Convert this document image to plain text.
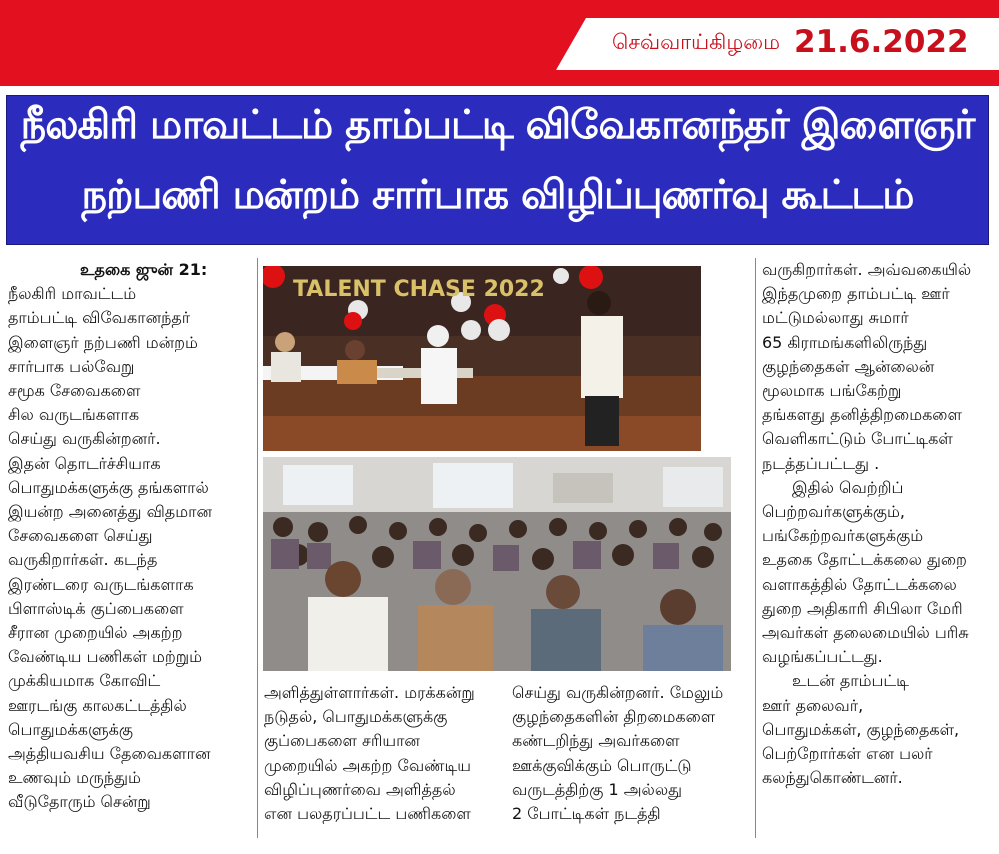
செவ்வாய்கிழமை 21.6.2022
நீலகிரி மாவட்டம் தாம்பட்டி விவேகானந்தர் இளைஞர்
நற்பணி மன்றம் சார்பாக விழிப்புணர்வு கூட்டம்
உதகை ஜுன் 21:
நீலகிரி மாவட்டம்
தாம்பட்டி விவேகானந்தர்
இளைஞர் நற்பணி மன்றம்
சார்பாக பல்வேறு
சமூக சேவைகளை
சில வருடங்களாக
செய்து வருகின்றனர்.
இதன் தொடர்ச்சியாக
பொதுமக்களுக்கு தங்களால்
இயன்ற அனைத்து விதமான
சேவைகளை செய்து
வருகிறார்கள். கடந்த
இரண்டரை வருடங்களாக
பிளாஸ்டிக் குப்பைகளை
சீரான முறையில் அகற்ற
வேண்டிய பணிகள் மற்றும்
முக்கியமாக கோவிட்
ஊரடங்கு காலகட்டத்தில்
பொதுமக்களுக்கு
அத்தியவசிய தேவைகளான
உணவும் மருந்தும்
வீடுதோரும் சென்று
TALENT CHASE 2022
அளித்துள்ளார்கள். மரக்கன்று
நடுதல், பொதுமக்களுக்கு
குப்பைகளை சரியான
முறையில் அகற்ற வேண்டிய
விழிப்புணர்வை அளித்தல்
என பலதரப்பட்ட பணிகளை
செய்து வருகின்றனர். மேலும்
குழந்தைகளின் திறமைகளை
கண்டறிந்து அவர்களை
ஊக்குவிக்கும் பொருட்டு
வருடத்திற்கு 1 அல்லது
2 போட்டிகள் நடத்தி
வருகிறார்கள். அவ்வகையில்
இந்தமுறை தாம்பட்டி ஊர்
மட்டுமல்லாது சுமார்
65 கிராமங்களிலிருந்து
குழந்தைகள் ஆன்லைன்
மூலமாக பங்கேற்று
தங்களது தனித்திறமைகளை
வெளிகாட்டும் போட்டிகள்
நடத்தப்பட்டது .
இதில் வெற்றிப்
பெற்றவர்களுக்கும்,
பங்கேற்றவர்களுக்கும்
உதகை தோட்டக்கலை துறை
வளாகத்தில் தோட்டக்கலை
துறை அதிகாரி சிபிலா மேரி
அவர்கள் தலைமையில் பரிசு
வழங்கப்பட்டது.
உடன் தாம்பட்டி
ஊர் தலைவர்,
பொதுமக்கள், குழந்தைகள்,
பெற்றோர்கள் என பலர்
கலந்துகொண்டனர்.
